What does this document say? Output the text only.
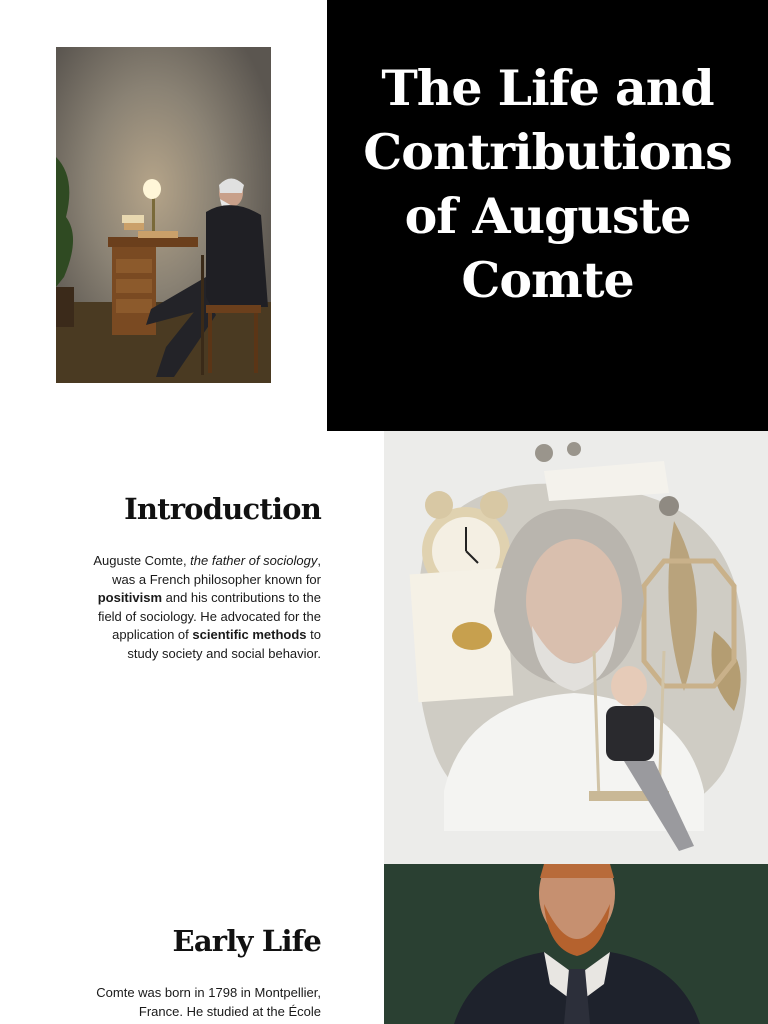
The Life and Contributions of Auguste Comte
Introduction

Auguste Comte, the father of sociology,
was a French philosopher known for
positivism and his contributions to the
field of sociology. He advocated for the
application of scientific methods to
study society and social behavior.

Early Life

Comte was born in 1798 in Montpellier,
France. He studied at the École
